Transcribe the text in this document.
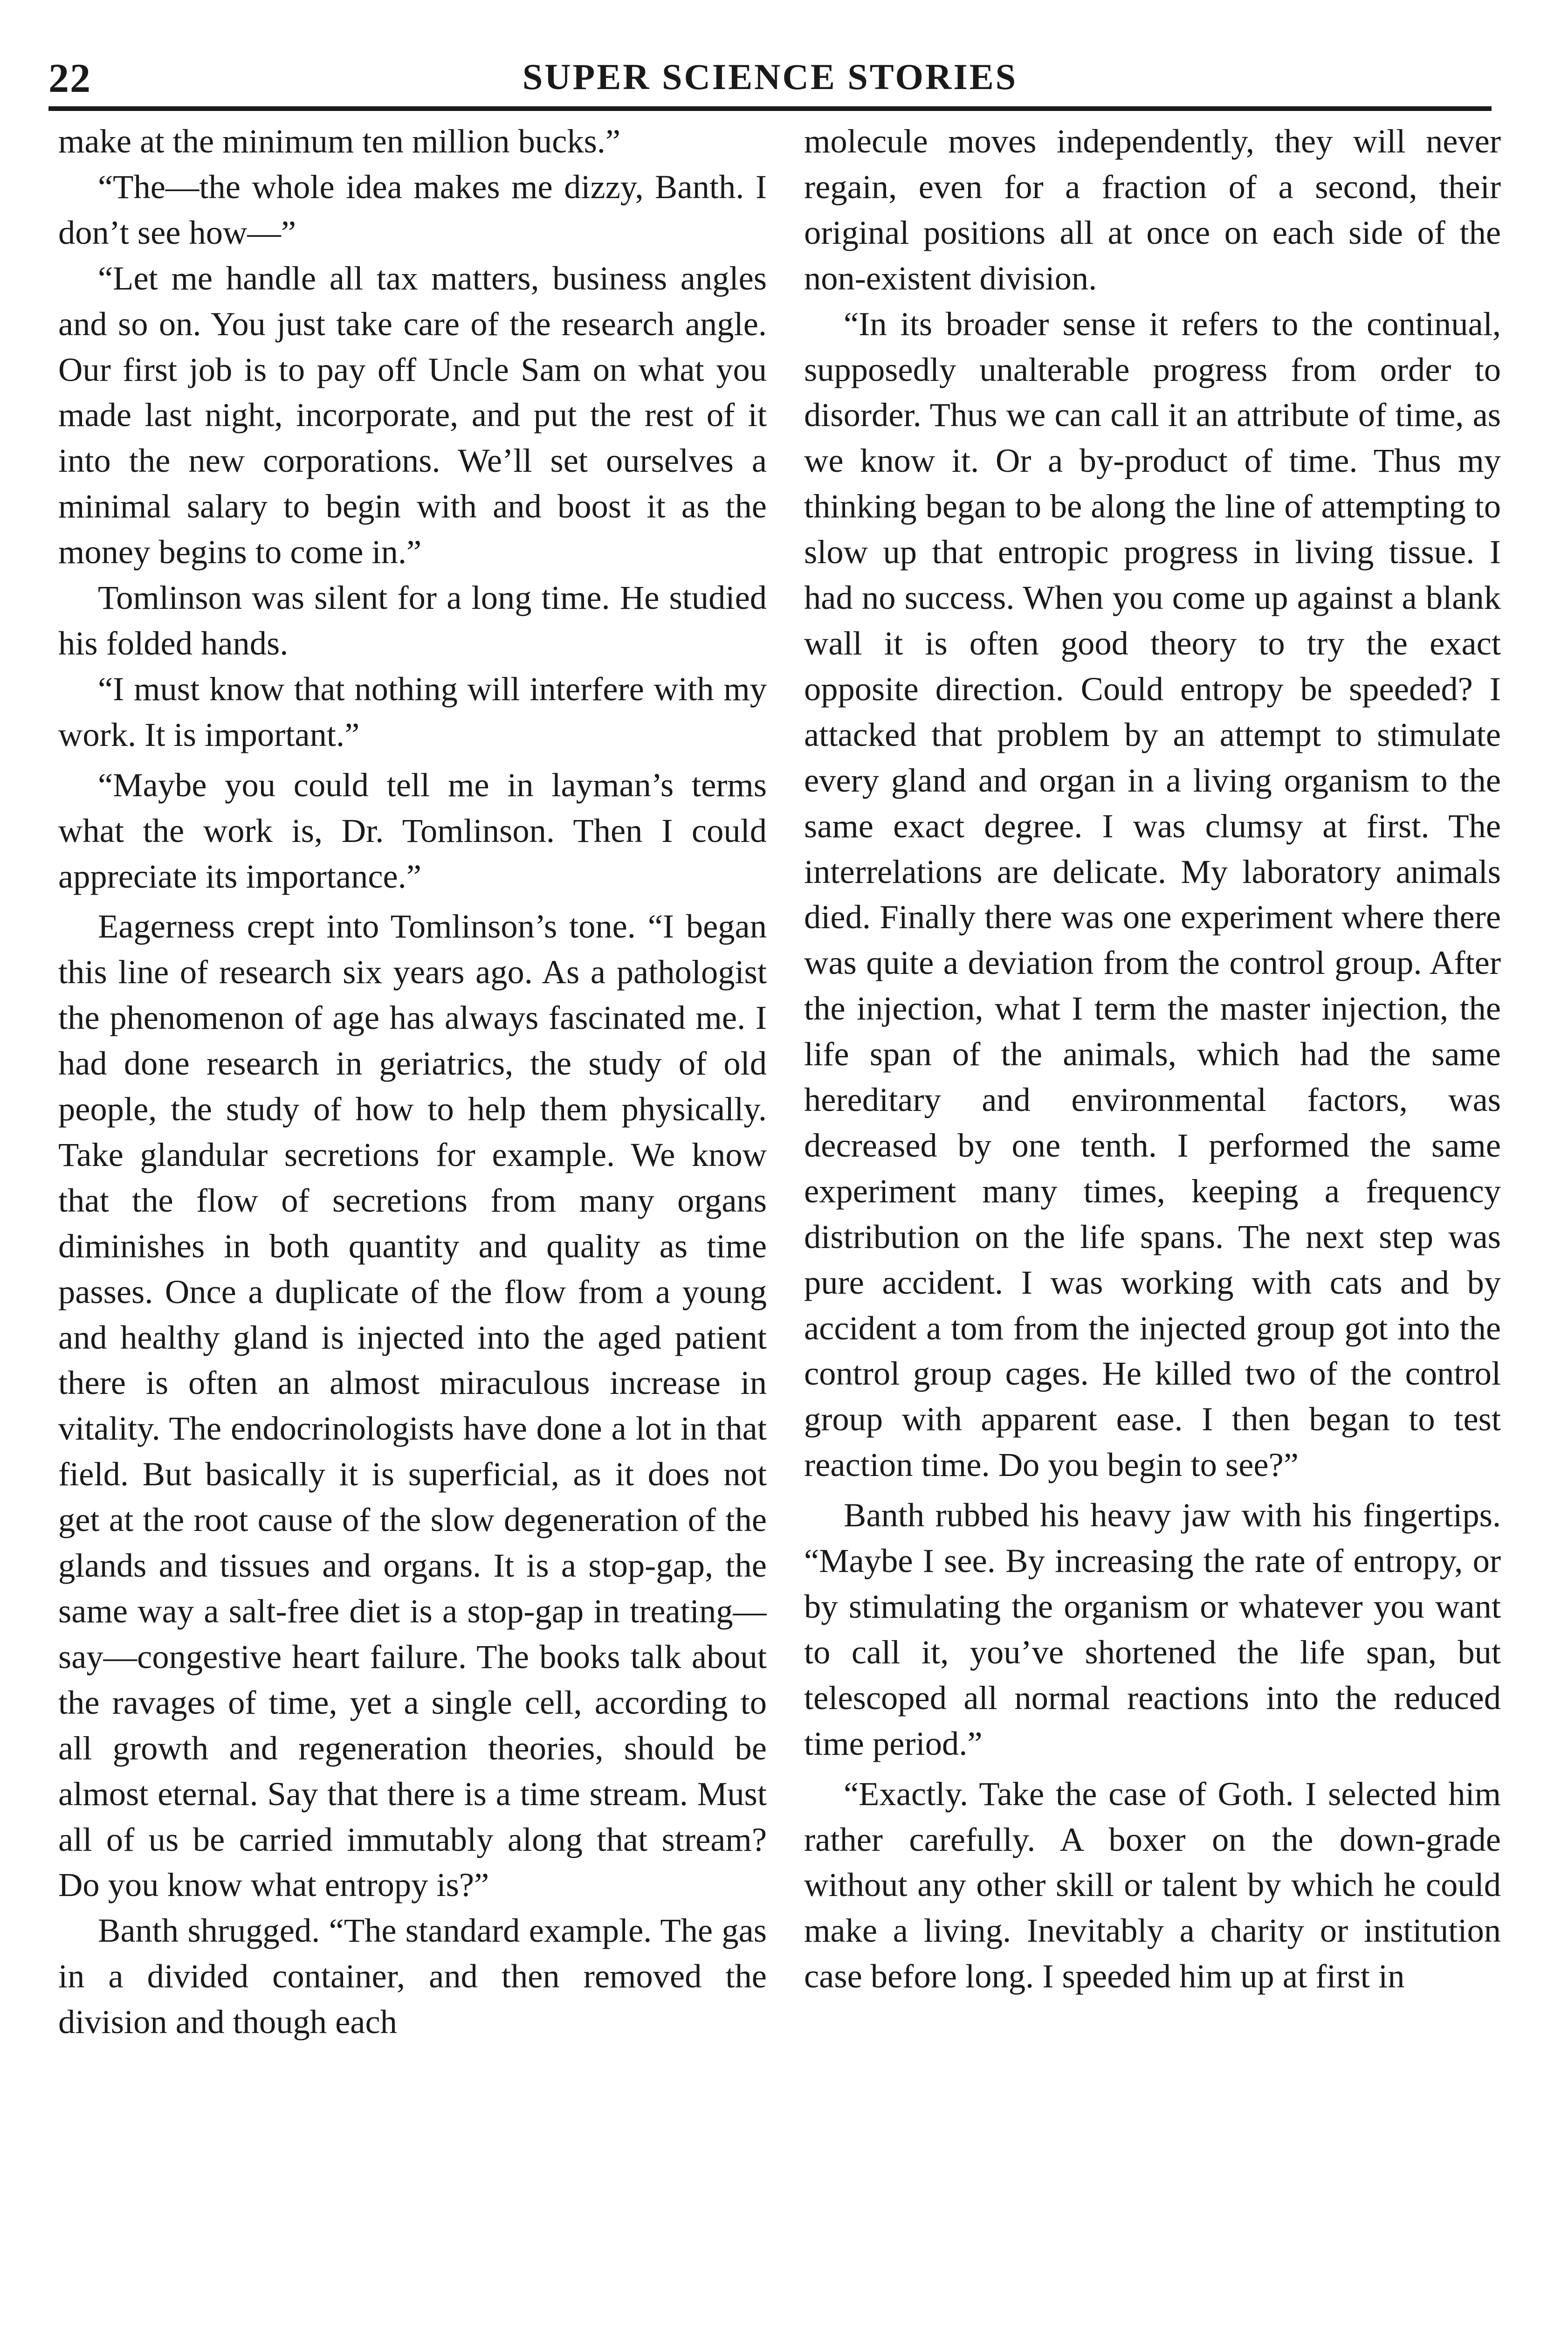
22	SUPER SCIENCE STORIES

make at the minimum ten million bucks.”

“The—the whole idea makes me dizzy, Banth. I don’t see how—”

“Let me handle all tax matters, business angles and so on. You just take care of the research angle. Our first job is to pay off Uncle Sam on what you made last night, incorporate, and put the rest of it into the new corporations. We’ll set ourselves a minimal salary to begin with and boost it as the money begins to come in.”

Tomlinson was silent for a long time. He studied his folded hands.

“I must know that nothing will interfere with my work. It is important.”

“Maybe you could tell me in layman’s terms what the work is, Dr. Tomlinson. Then I could appreciate its importance.”

Eagerness crept into Tomlinson’s tone. “I began this line of research six years ago. As a pathologist the phenomenon of age has always fascinated me. I had done research in geriatrics, the study of old people, the study of how to help them physically. Take glandular secretions for example. We know that the flow of secretions from many organs diminishes in both quantity and quality as time passes. Once a duplicate of the flow from a young and healthy gland is injected into the aged patient there is often an almost miraculous increase in vitality. The endocrinologists have done a lot in that field. But basically it is superficial, as it does not get at the root cause of the slow degeneration of the glands and tissues and organs. It is a stop-gap, the same way a salt-free diet is a stop-gap in treating—say—congestive heart failure. The books talk about the ravages of time, yet a single cell, according to all growth and regeneration theories, should be almost eternal. Say that there is a time stream. Must all of us be carried immutably along that stream? Do you know what entropy is?”

Banth shrugged. “The standard example. The gas in a divided container, and then removed the division and though each

molecule moves independently, they will never regain, even for a fraction of a second, their original positions all at once on each side of the non-existent division.

“In its broader sense it refers to the continual, supposedly unalterable progress from order to disorder. Thus we can call it an attribute of time, as we know it. Or a by-product of time. Thus my thinking began to be along the line of attempting to slow up that entropic progress in living tissue. I had no success. When you come up against a blank wall it is often good theory to try the exact opposite direction. Could entropy be speeded? I attacked that problem by an attempt to stimulate every gland and organ in a living organism to the same exact degree. I was clumsy at first. The interrelations are delicate. My laboratory animals died. Finally there was one experiment where there was quite a deviation from the control group. After the injection, what I term the master injection, the life span of the animals, which had the same hereditary and environmental factors, was decreased by one tenth. I performed the same experiment many times, keeping a frequency distribution on the life spans. The next step was pure accident. I was working with cats and by accident a tom from the injected group got into the control group cages. He killed two of the control group with apparent ease. I then began to test reaction time. Do you begin to see?”

Banth rubbed his heavy jaw with his fingertips. “Maybe I see. By increasing the rate of entropy, or by stimulating the organism or whatever you want to call it, you’ve shortened the life span, but telescoped all normal reactions into the reduced time period.”

“Exactly. Take the case of Goth. I selected him rather carefully. A boxer on the down-grade without any other skill or talent by which he could make a living. Inevitably a charity or institution case before long. I speeded him up at first in
